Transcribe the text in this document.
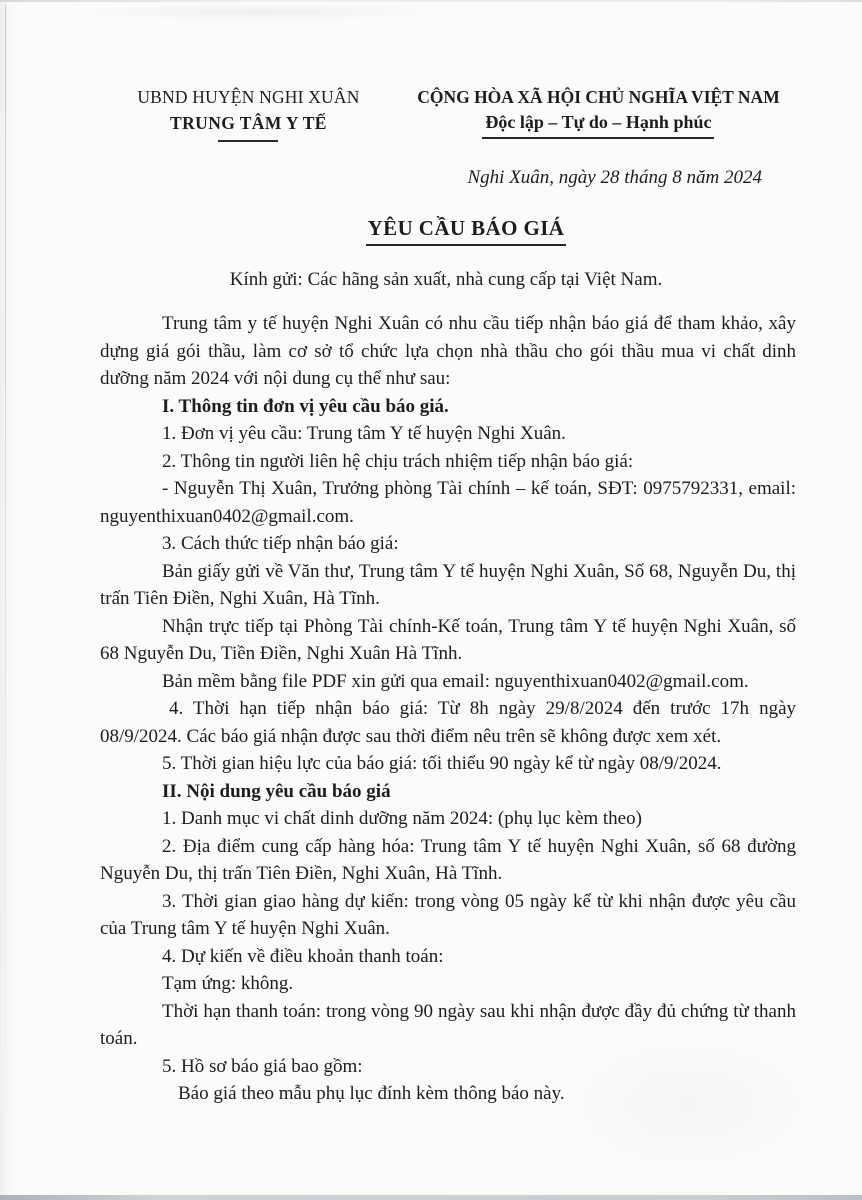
UBND HUYỆN NGHI XUÂN
TRUNG TÂM Y TẾ
CỘNG HÒA XÃ HỘI CHỦ NGHĨA VIỆT NAM
Độc lập – Tự do – Hạnh phúc
Nghi Xuân, ngày 28 tháng 8 năm 2024
YÊU CẦU BÁO GIÁ
Kính gửi: Các hãng sản xuất, nhà cung cấp tại Việt Nam.

Trung tâm y tế huyện Nghi Xuân có nhu cầu tiếp nhận báo giá để tham khảo, xây dựng giá gói thầu, làm cơ sở tổ chức lựa chọn nhà thầu cho gói thầu mua vi chất dinh dưỡng năm 2024 với nội dung cụ thể như sau:

I. Thông tin đơn vị yêu cầu báo giá.

1. Đơn vị yêu cầu: Trung tâm Y tế huyện Nghi Xuân.

2. Thông tin người liên hệ chịu trách nhiệm tiếp nhận báo giá:

- Nguyễn Thị Xuân, Trưởng phòng Tài chính – kế toán, SĐT: 0975792331, email: nguyenthixuan0402@gmail.com.

3. Cách thức tiếp nhận báo giá:

Bản giấy gửi về Văn thư, Trung tâm Y tế huyện Nghi Xuân, Số 68, Nguyễn Du, thị trấn Tiên Điền, Nghi Xuân, Hà Tĩnh.

Nhận trực tiếp tại Phòng Tài chính-Kế toán, Trung tâm Y tế huyện Nghi Xuân, số 68 Nguyễn Du, Tiền Điền, Nghi Xuân Hà Tĩnh.

Bản mềm bằng file PDF xin gửi qua email: nguyenthixuan0402@gmail.com.

4. Thời hạn tiếp nhận báo giá: Từ 8h ngày 29/8/2024 đến trước 17h ngày 08/9/2024. Các báo giá nhận được sau thời điểm nêu trên sẽ không được xem xét.

5. Thời gian hiệu lực của báo giá: tối thiểu 90 ngày kể từ ngày 08/9/2024.

II. Nội dung yêu cầu báo giá

1. Danh mục vi chất dinh dưỡng năm 2024: (phụ lục kèm theo)

2. Địa điểm cung cấp hàng hóa: Trung tâm Y tế huyện Nghi Xuân, số 68 đường Nguyễn Du, thị trấn Tiên Điền, Nghi Xuân, Hà Tĩnh.

3. Thời gian giao hàng dự kiến: trong vòng 05 ngày kể từ khi nhận được yêu cầu của Trung tâm Y tế huyện Nghi Xuân.

4. Dự kiến về điều khoản thanh toán:

Tạm ứng: không.

Thời hạn thanh toán: trong vòng 90 ngày sau khi nhận được đầy đủ chứng từ thanh toán.

5. Hồ sơ báo giá bao gồm:

Báo giá theo mẫu phụ lục đính kèm thông báo này.
